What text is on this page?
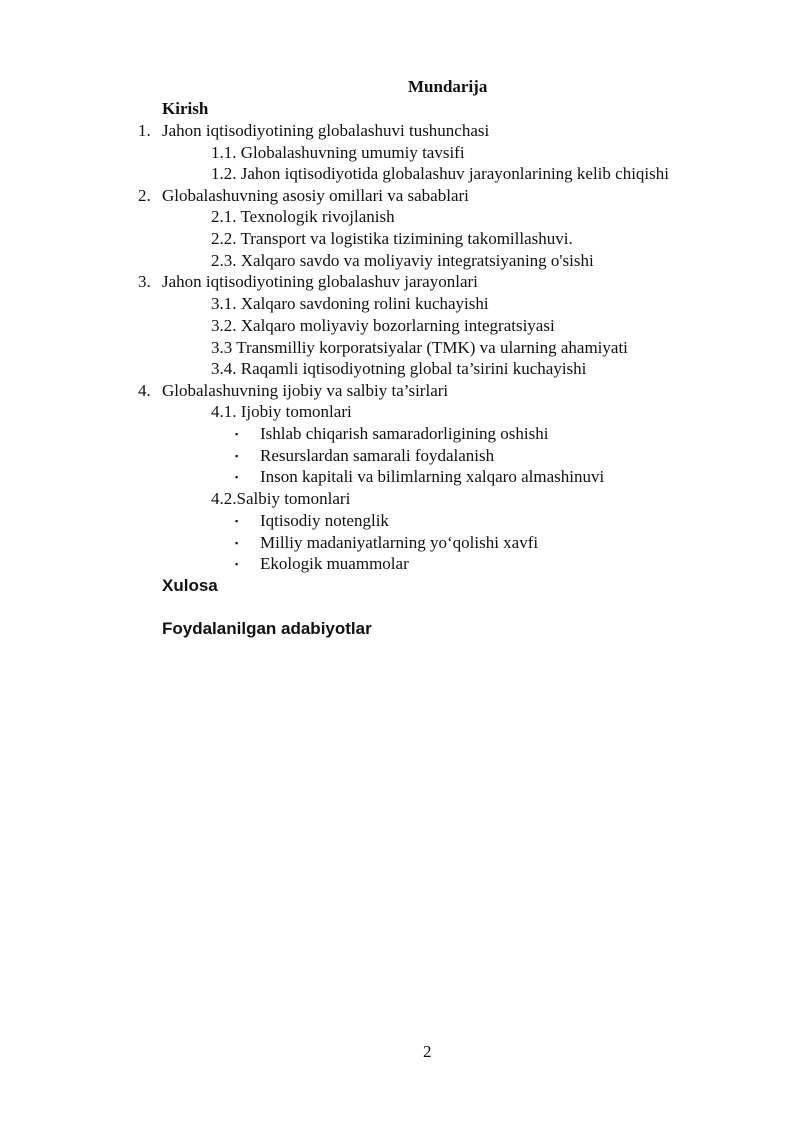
Mundarija
Kirish
1. Jahon iqtisodiyotining globalashuvi tushunchasi
1.1. Globalashuvning umumiy tavsifi
1.2. Jahon iqtisodiyotida globalashuv jarayonlarining kelib chiqishi
2. Globalashuvning asosiy omillari va sabablari
2.1. Texnologik rivojlanish
2.2. Transport va logistika tizimining takomillashuvi.
2.3. Xalqaro savdo va moliyaviy integratsiyaning o'sishi
3. Jahon iqtisodiyotining globalashuv jarayonlari
3.1. Xalqaro savdoning rolini kuchayishi
3.2. Xalqaro moliyaviy bozorlarning integratsiyasi
3.3 Transmilliy korporatsiyalar (TMK) va ularning ahamiyati
3.4. Raqamli iqtisodiyotning global ta’sirini kuchayishi
4. Globalashuvning ijobiy va salbiy ta’sirlari
4.1. Ijobiy tomonlari
▪ Ishlab chiqarish samaradorligining oshishi
▪ Resurslardan samarali foydalanish
▪ Inson kapitali va bilimlarning xalqaro almashinuvi
4.2.Salbiy tomonlari
▪ Iqtisodiy notenglik
▪ Milliy madaniyatlarning yo‘qolishi xavfi
▪ Ekologik muammolar
Xulosa
Foydalanilgan adabiyotlar
2
